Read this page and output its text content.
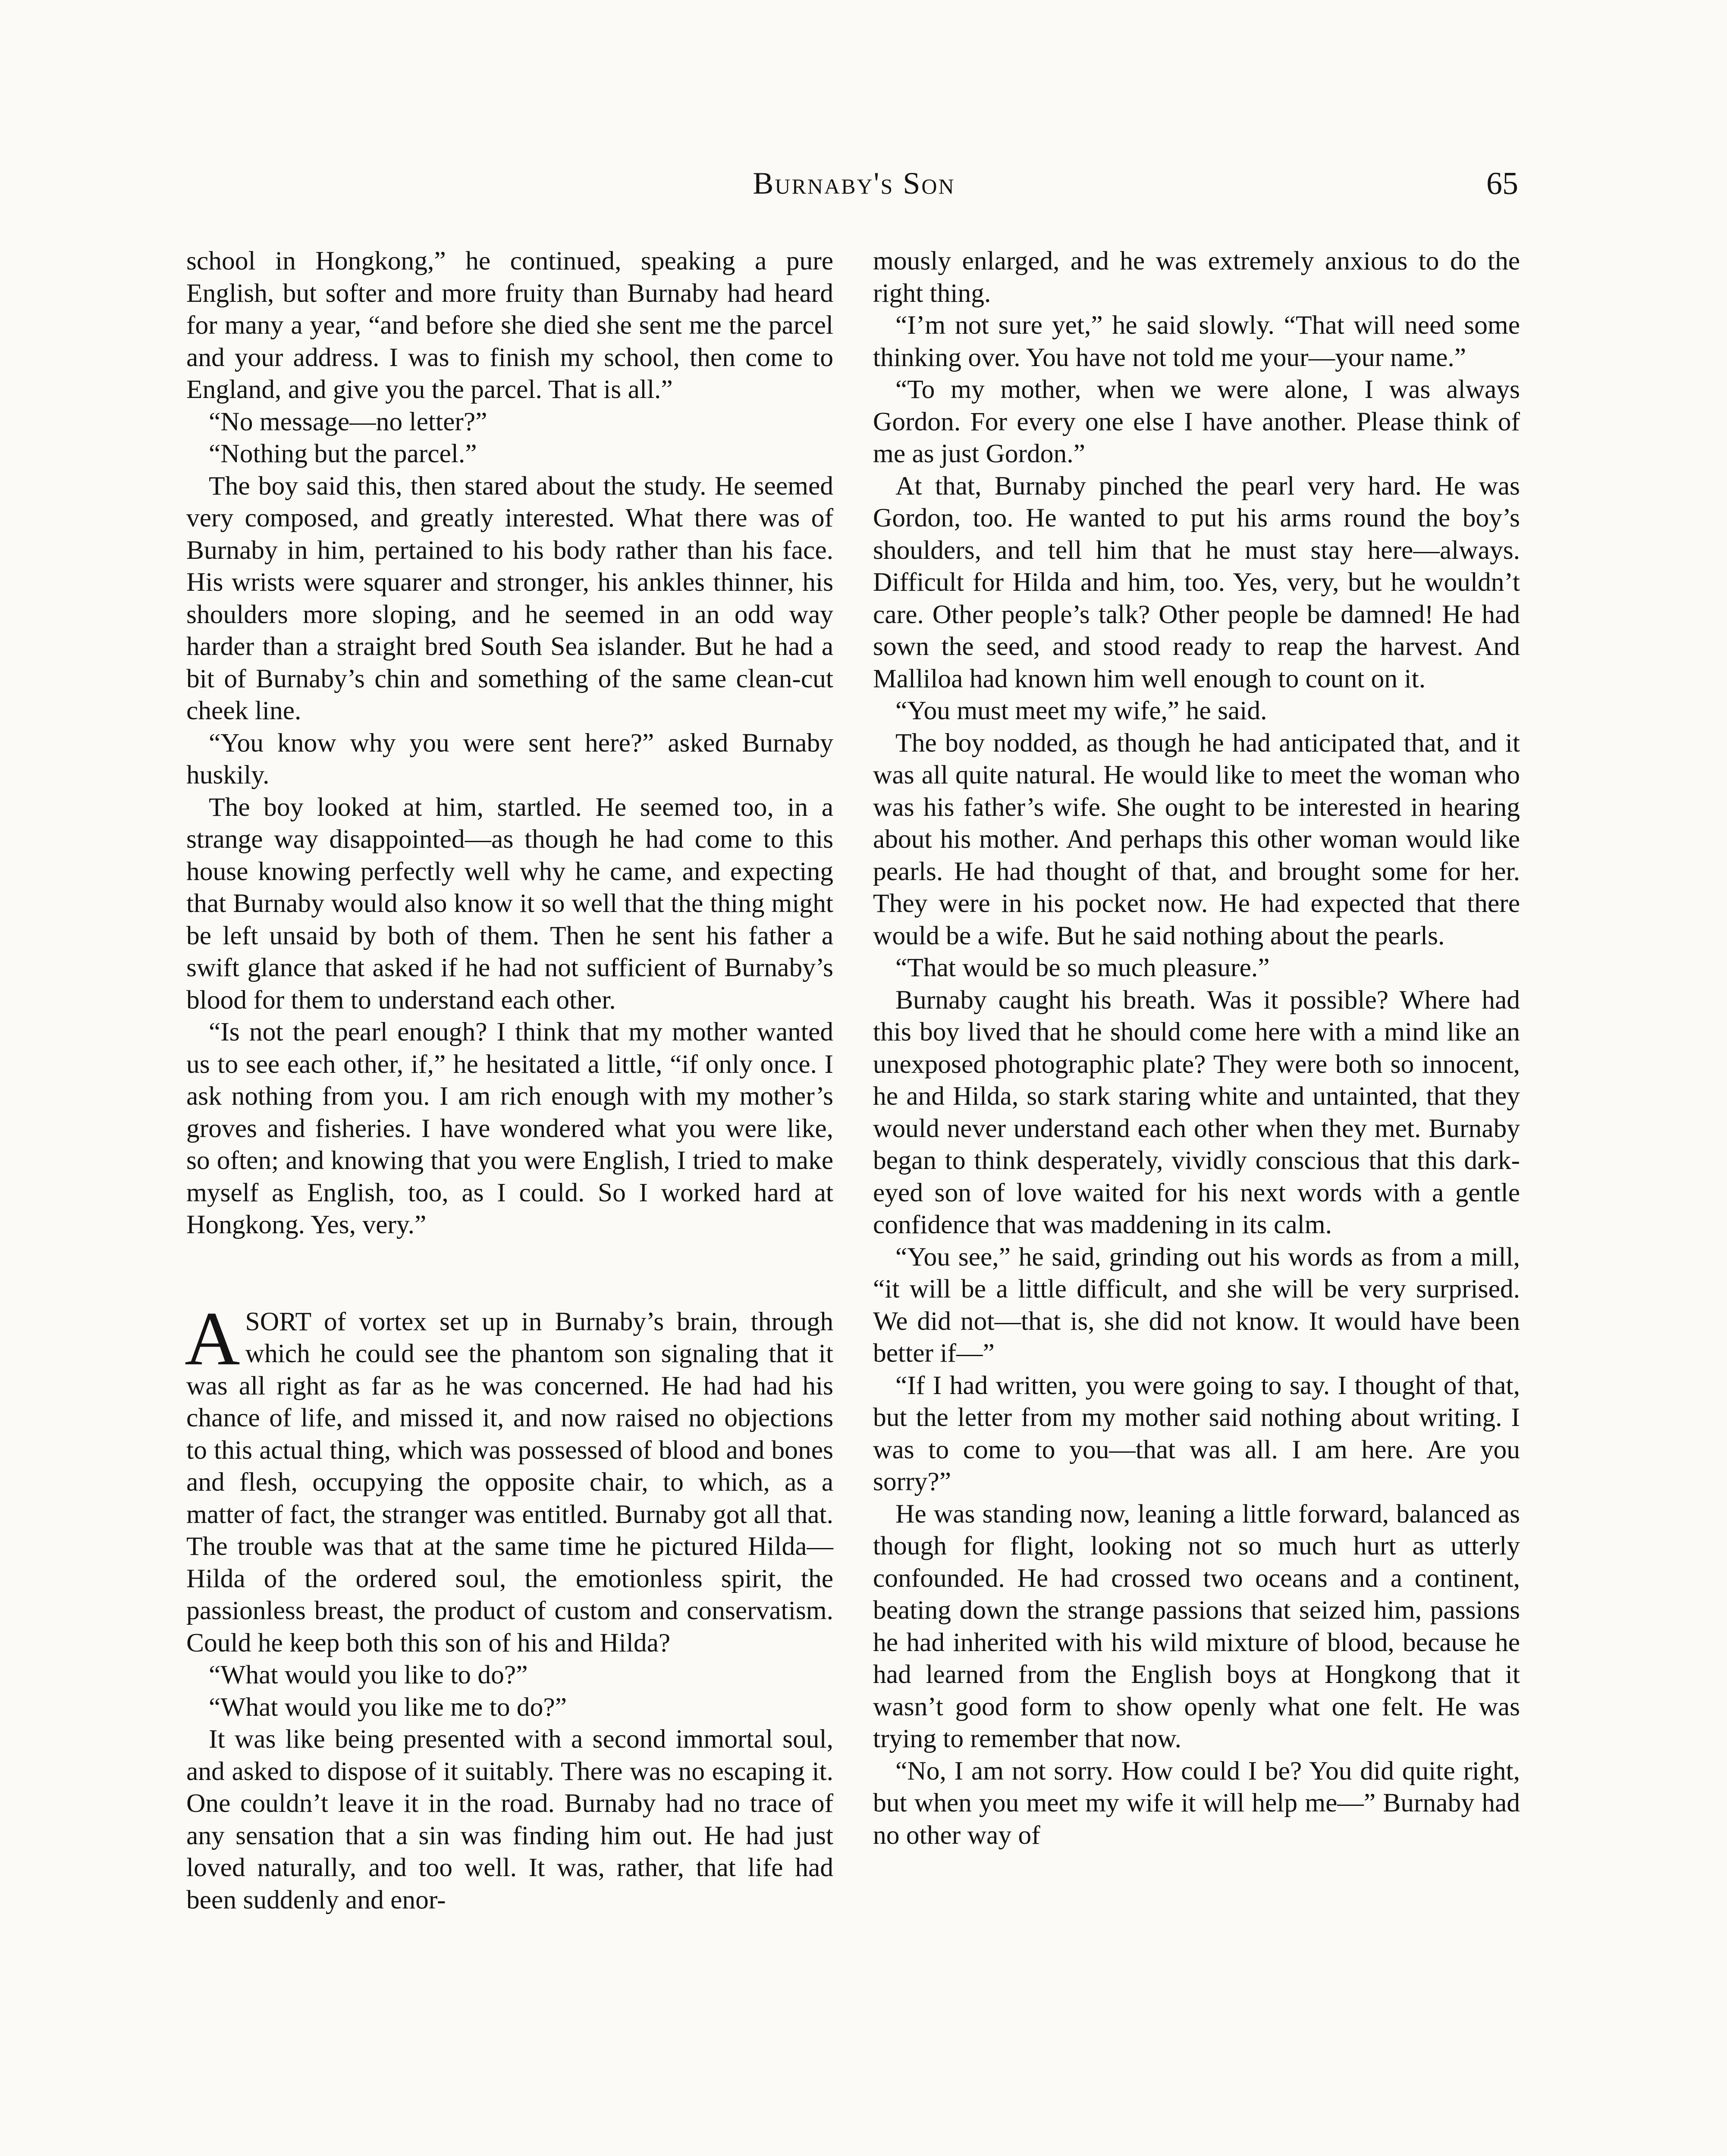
Burnaby's Son	65

school in Hongkong,” he continued, speaking a pure English, but softer and more fruity than Burnaby had heard for many a year, “and before she died she sent me the parcel and your address. I was to finish my school, then come to England, and give you the parcel. That is all.”

“No message—no letter?”

“Nothing but the parcel.”

The boy said this, then stared about the study. He seemed very composed, and greatly interested. What there was of Burnaby in him, pertained to his body rather than his face. His wrists were squarer and stronger, his ankles thinner, his shoulders more sloping, and he seemed in an odd way harder than a straight bred South Sea islander. But he had a bit of Burnaby’s chin and something of the same clean-cut cheek line.

“You know why you were sent here?” asked Burnaby huskily.

The boy looked at him, startled. He seemed too, in a strange way disappointed—as though he had come to this house knowing perfectly well why he came, and expecting that Burnaby would also know it so well that the thing might be left unsaid by both of them. Then he sent his father a swift glance that asked if he had not sufficient of Burnaby’s blood for them to understand each other.

“Is not the pearl enough? I think that my mother wanted us to see each other, if,” he hesitated a little, “if only once. I ask nothing from you. I am rich enough with my mother’s groves and fisheries. I have wondered what you were like, so often; and knowing that you were English, I tried to make myself as English, too, as I could. So I worked hard at Hongkong. Yes, very.”

A SORT of vortex set up in Burnaby’s brain, through which he could see the phantom son signaling that it was all right as far as he was concerned. He had had his chance of life, and missed it, and now raised no objections to this actual thing, which was possessed of blood and bones and flesh, occupying the opposite chair, to which, as a matter of fact, the stranger was entitled. Burnaby got all that. The trouble was that at the same time he pictured Hilda—Hilda of the ordered soul, the emotionless spirit, the passionless breast, the product of custom and conservatism. Could he keep both this son of his and Hilda?

“What would you like to do?”

“What would you like me to do?”

It was like being presented with a second immortal soul, and asked to dispose of it suitably. There was no escaping it. One couldn’t leave it in the road. Burnaby had no trace of any sensation that a sin was finding him out. He had just loved naturally, and too well. It was, rather, that life had been suddenly and enor-

mously enlarged, and he was extremely anxious to do the right thing.

“I’m not sure yet,” he said slowly. “That will need some thinking over. You have not told me your—your name.”

“To my mother, when we were alone, I was always Gordon. For every one else I have another. Please think of me as just Gordon.”

At that, Burnaby pinched the pearl very hard. He was Gordon, too. He wanted to put his arms round the boy’s shoulders, and tell him that he must stay here—always. Difficult for Hilda and him, too. Yes, very, but he wouldn’t care. Other people’s talk? Other people be damned! He had sown the seed, and stood ready to reap the harvest. And Malliloa had known him well enough to count on it.

“You must meet my wife,” he said.

The boy nodded, as though he had anticipated that, and it was all quite natural. He would like to meet the woman who was his father’s wife. She ought to be interested in hearing about his mother. And perhaps this other woman would like pearls. He had thought of that, and brought some for her. They were in his pocket now. He had expected that there would be a wife. But he said nothing about the pearls.

“That would be so much pleasure.”

Burnaby caught his breath. Was it possible? Where had this boy lived that he should come here with a mind like an unexposed photographic plate? They were both so innocent, he and Hilda, so stark staring white and untainted, that they would never understand each other when they met. Burnaby began to think desperately, vividly conscious that this dark-eyed son of love waited for his next words with a gentle confidence that was maddening in its calm.

“You see,” he said, grinding out his words as from a mill, “it will be a little difficult, and she will be very surprised. We did not—that is, she did not know. It would have been better if—”

“If I had written, you were going to say. I thought of that, but the letter from my mother said nothing about writing. I was to come to you—that was all. I am here. Are you sorry?”

He was standing now, leaning a little forward, balanced as though for flight, looking not so much hurt as utterly confounded. He had crossed two oceans and a continent, beating down the strange passions that seized him, passions he had inherited with his wild mixture of blood, because he had learned from the English boys at Hongkong that it wasn’t good form to show openly what one felt. He was trying to remember that now.

“No, I am not sorry. How could I be? You did quite right, but when you meet my wife it will help me—” Burnaby had no other way of
